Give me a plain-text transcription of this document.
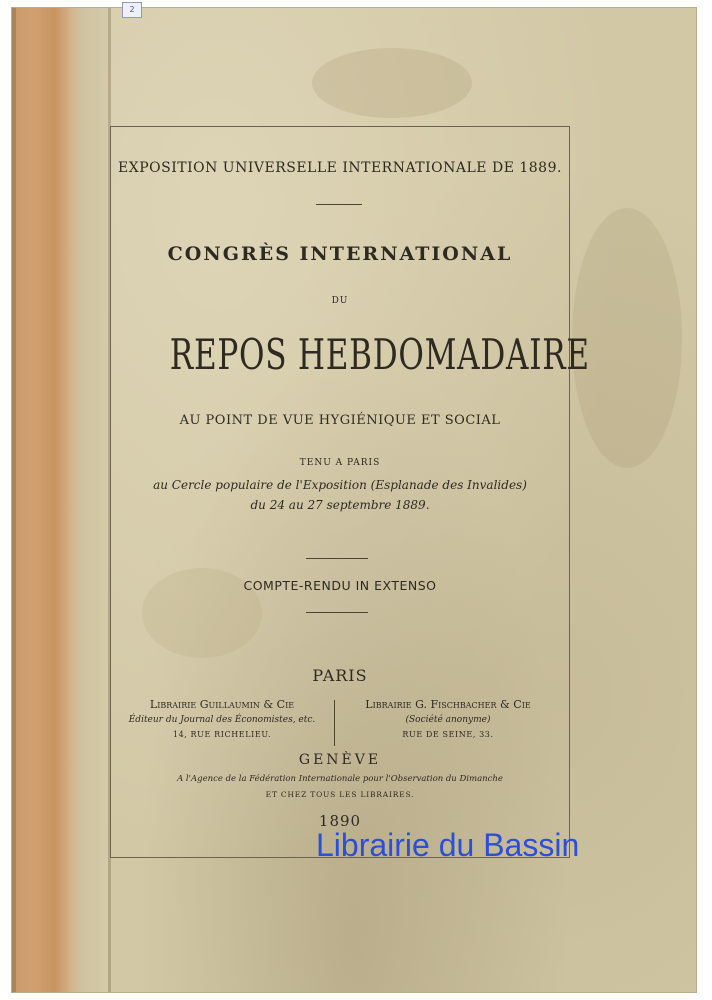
2
EXPOSITION UNIVERSELLE INTERNATIONALE DE 1889.
CONGRÈS INTERNATIONAL
DU
REPOS HEBDOMADAIRE
AU POINT DE VUE HYGIÉNIQUE ET SOCIAL
TENU A PARIS
au Cercle populaire de l'Exposition (Esplanade des Invalides)
du 24 au 27 septembre 1889.
COMPTE-RENDU IN EXTENSO
PARIS
Librairie Guillaumin & Cie
Éditeur du Journal des Économistes, etc.
14, RUE RICHELIEU.
Librairie G. Fischbacher & Cie
(Société anonyme)
RUE DE SEINE, 33.
GENÈVE
A l'Agence de la Fédération Internationale pour l'Observation du Dimanche
ET CHEZ TOUS LES LIBRAIRES.
1890
Librairie du Bassin
